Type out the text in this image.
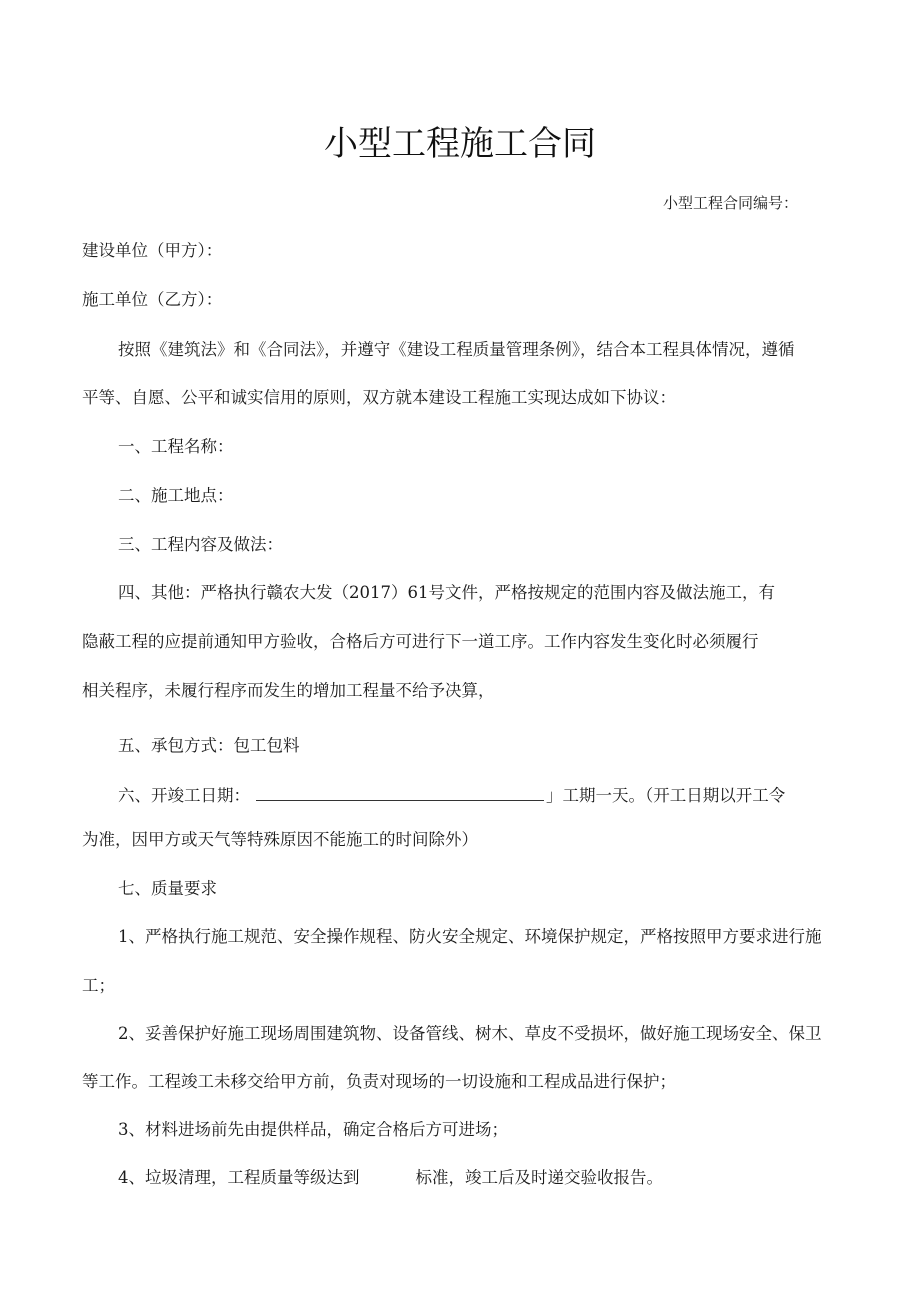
小型工程施工合同
小型工程合同编号：
建设单位（甲方）：
施工单位（乙方）：
按照《建筑法》和《合同法》，并遵守《建设工程质量管理条例》，结合本工程具体情况，遵循
平等、自愿、公平和诚实信用的原则，双方就本建设工程施工实现达成如下协议：
一、工程名称：
二、施工地点：
三、工程内容及做法：
四、其他：严格执行赣农大发（2017）61号文件，严格按规定的范围内容及做法施工，有
隐蔽工程的应提前通知甲方验收，合格后方可进行下一道工序。工作内容发生变化时必须履行
相关程序，未履行程序而发生的增加工程量不给予决算，
五、承包方式：包工包料
六、开竣工日期：	」工期一天。（开工日期以开工令
为准，因甲方或天气等特殊原因不能施工的时间除外）
七、质量要求
1、严格执行施工规范、安全操作规程、防火安全规定、环境保护规定，严格按照甲方要求进行施
工；
2、妥善保护好施工现场周围建筑物、设备管线、树木、草皮不受损坏，做好施工现场安全、保卫
等工作。工程竣工未移交给甲方前，负责对现场的一切设施和工程成品进行保护；
3、材料进场前先由提供样品，确定合格后方可进场；
4、垃圾清理，工程质量等级达到	标准，竣工后及时递交验收报告。
